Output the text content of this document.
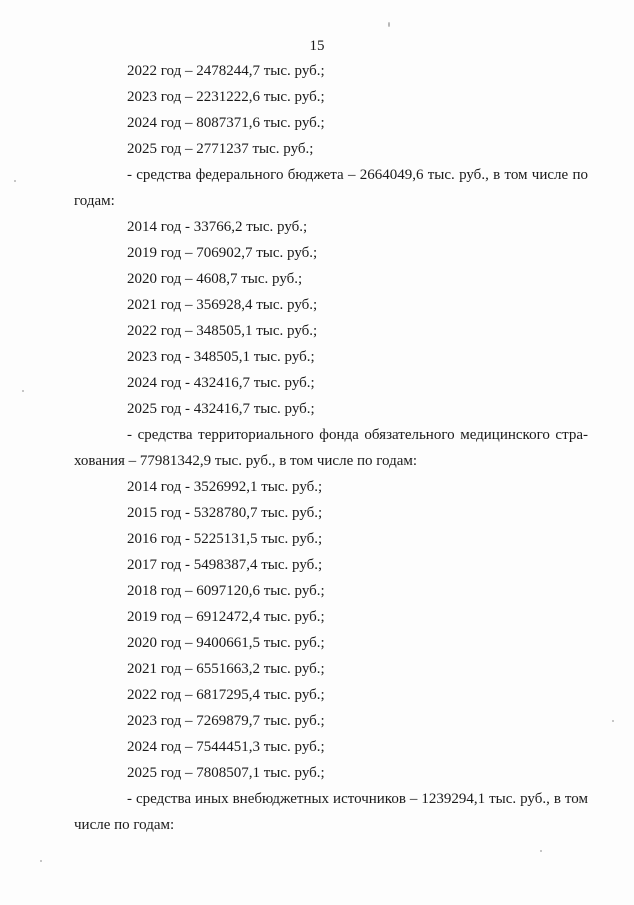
15
2022 год – 2478244,7 тыс. руб.;
2023 год – 2231222,6 тыс. руб.;
2024 год – 8087371,6 тыс. руб.;
2025 год – 2771237 тыс. руб.;
- средства федерального бюджета – 2664049,6 тыс. руб., в том числе по
годам:
2014 год - 33766,2 тыс. руб.;
2019 год – 706902,7 тыс. руб.;
2020 год – 4608,7 тыс. руб.;
2021 год – 356928,4 тыс. руб.;
2022 год – 348505,1 тыс. руб.;
2023 год - 348505,1 тыс. руб.;
2024 год - 432416,7 тыс. руб.;
2025 год - 432416,7 тыс. руб.;
- средства территориального фонда обязательного медицинского стра-
хования – 77981342,9 тыс. руб., в том числе по годам:
2014 год - 3526992,1 тыс. руб.;
2015 год - 5328780,7 тыс. руб.;
2016 год - 5225131,5 тыс. руб.;
2017 год - 5498387,4 тыс. руб.;
2018 год – 6097120,6 тыс. руб.;
2019 год – 6912472,4 тыс. руб.;
2020 год – 9400661,5 тыс. руб.;
2021 год – 6551663,2 тыс. руб.;
2022 год – 6817295,4 тыс. руб.;
2023 год – 7269879,7 тыс. руб.;
2024 год – 7544451,3 тыс. руб.;
2025 год – 7808507,1 тыс. руб.;
- средства иных внебюджетных источников – 1239294,1 тыс. руб., в том
числе по годам:
